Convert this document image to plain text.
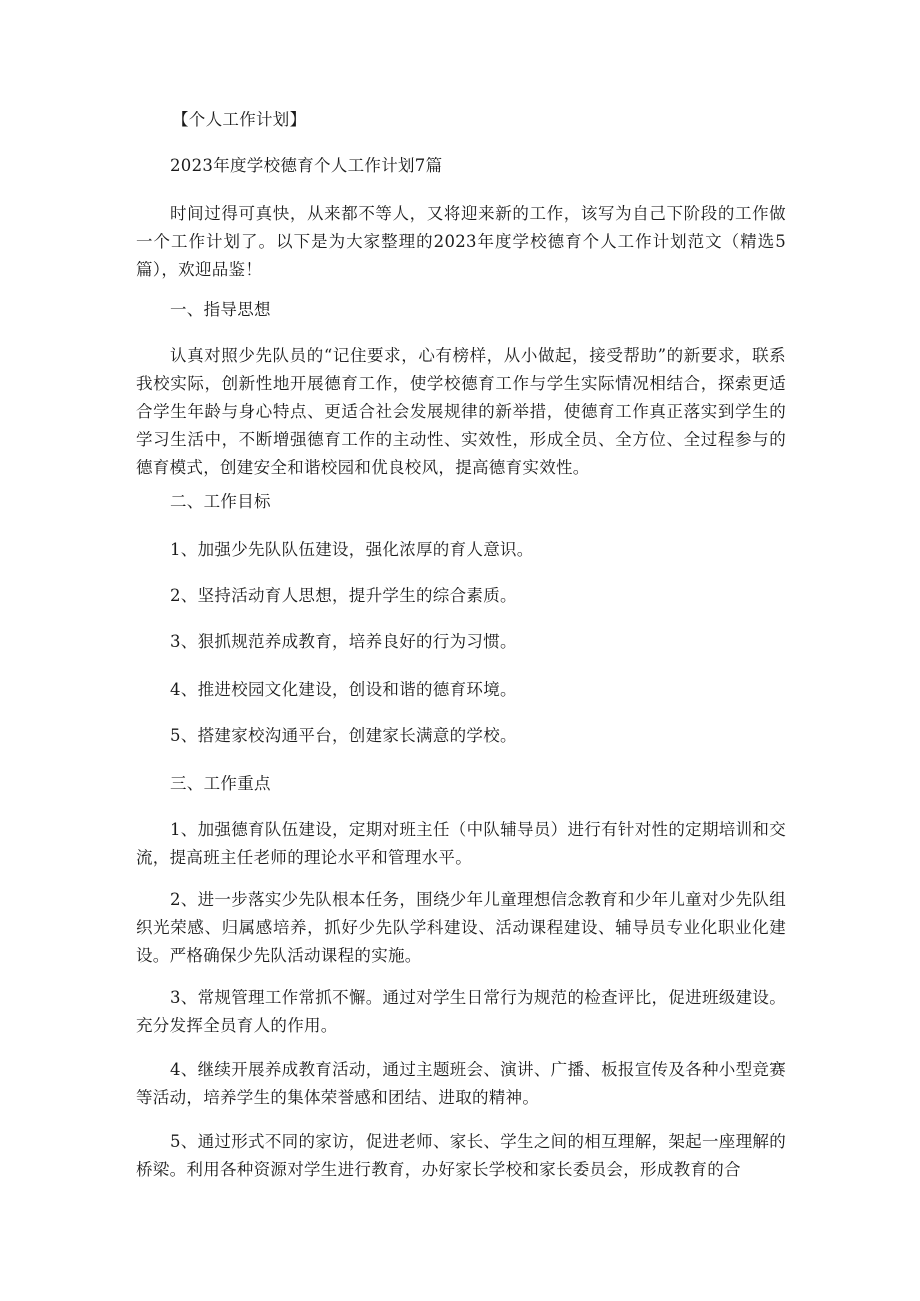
【个人工作计划】

2023年度学校德育个人工作计划7篇

时间过得可真快，从来都不等人，又将迎来新的工作，该写为自己下阶段的工作做一个工作计划了。以下是为大家整理的2023年度学校德育个人工作计划范文（精选5篇），欢迎品鉴！

一、指导思想

认真对照少先队员的“记住要求，心有榜样，从小做起，接受帮助”的新要求，联系我校实际，创新性地开展德育工作，使学校德育工作与学生实际情况相结合，探索更适合学生年龄与身心特点、更适合社会发展规律的新举措，使德育工作真正落实到学生的学习生活中，不断增强德育工作的主动性、实效性，形成全员、全方位、全过程参与的德育模式，创建安全和谐校园和优良校风，提高德育实效性。

二、工作目标

1、加强少先队队伍建设，强化浓厚的育人意识。

2、坚持活动育人思想，提升学生的综合素质。

3、狠抓规范养成教育，培养良好的行为习惯。

4、推进校园文化建设，创设和谐的德育环境。

5、搭建家校沟通平台，创建家长满意的学校。

三、工作重点

1、加强德育队伍建设，定期对班主任（中队辅导员）进行有针对性的定期培训和交流，提高班主任老师的理论水平和管理水平。

2、进一步落实少先队根本任务，围绕少年儿童理想信念教育和少年儿童对少先队组织光荣感、归属感培养，抓好少先队学科建设、活动课程建设、辅导员专业化职业化建设。严格确保少先队活动课程的实施。

3、常规管理工作常抓不懈。通过对学生日常行为规范的检查评比，促进班级建设。充分发挥全员育人的作用。

4、继续开展养成教育活动，通过主题班会、演讲、广播、板报宣传及各种小型竞赛等活动，培养学生的集体荣誉感和团结、进取的精神。

5、通过形式不同的家访，促进老师、家长、学生之间的相互理解，架起一座理解的桥梁。利用各种资源对学生进行教育，办好家长学校和家长委员会，形成教育的合
